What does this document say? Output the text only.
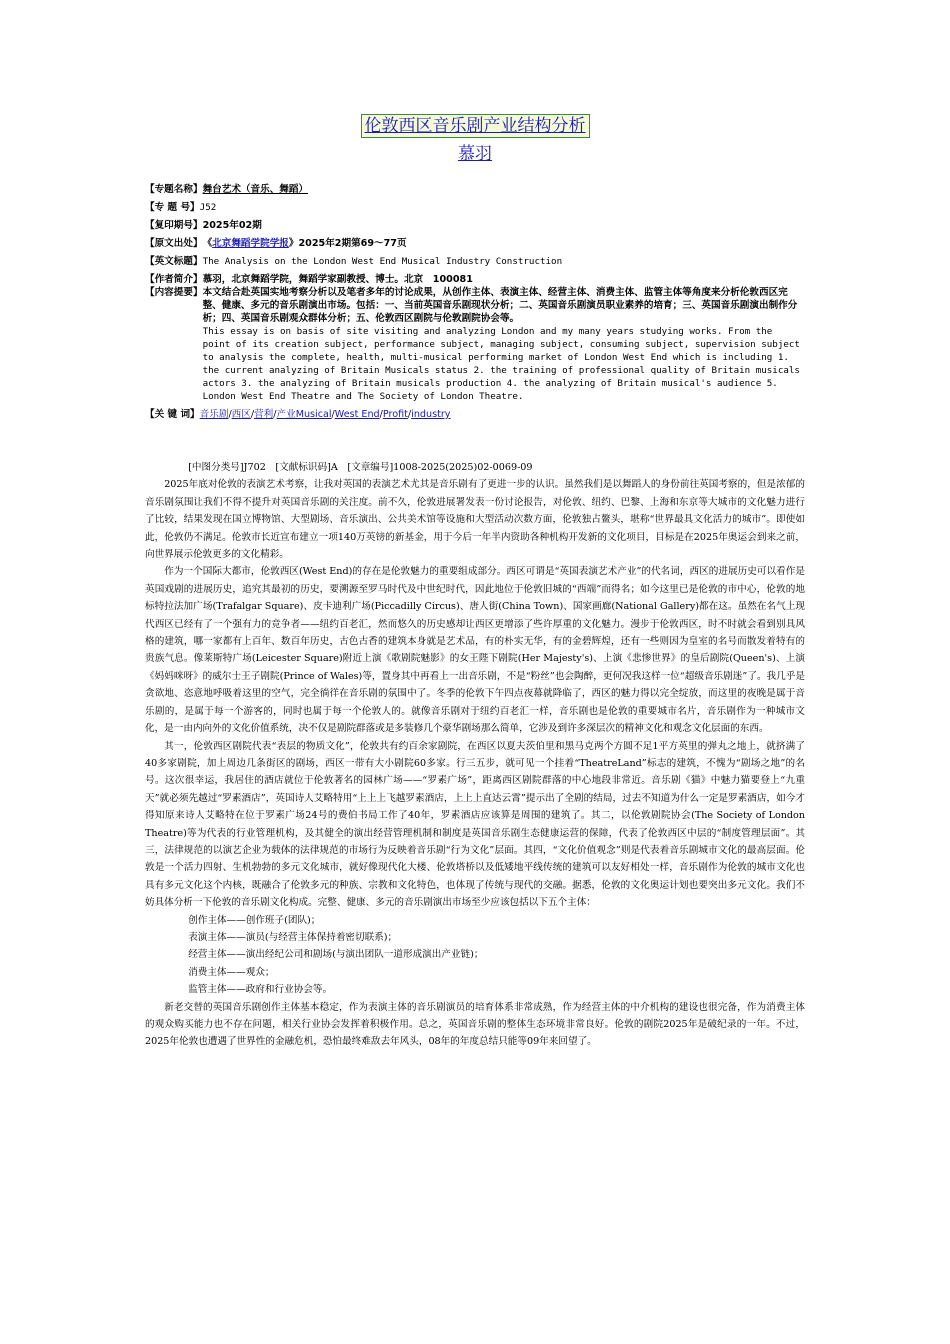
伦敦西区音乐剧产业结构分析
慕羽
【专题名称】 舞台艺术（音乐、舞蹈）
【专 题 号】 J52
【复印期号】 2025年02期
【原文出处】 《北京舞蹈学院学报》2025年2期第69～77页
【英文标题】 The Analysis on the London West End Musical Industry Construction
【作者简介】 慕羽，北京舞蹈学院，舞蹈学家副教授、博士。北京　100081
【内容提要】 本文结合赴英国实地考察分析以及笔者多年的讨论成果，从创作主体、表演主体、经营主体、消费主体、监管主体等角度来分析伦敦西区完整、健康、多元的音乐剧演出市场。包括：一、当前英国音乐剧现状分析；二、英国音乐剧演员职业素养的培育；三、英国音乐剧演出制作分析；四、英国音乐剧观众群体分析；五、伦敦西区剧院与伦敦剧院协会等。
This essay is on basis of site visiting and analyzing London and my many years studying works. From the point of its creation subject, performance subject, managing subject, consuming subject, supervision subject to analysis the complete, health, multi-musical performing market of London West End which is including 1. the current analyzing of Britain Musicals status 2. the training of professional quality of Britain musicals actors 3. the analyzing of Britain musicals production 4. the analyzing of Britain musical's audience 5. London West End Theatre and The Society of London Theatre.
【关 键 词】 音乐剧/西区/营利/产业Musical/West End/Profit/industry

[中图分类号]J702　[文献标识码]A　[文章编号]1008-2025(2025)02-0069-09

2025年底对伦敦的表演艺术考察，让我对英国的表演艺术尤其是音乐剧有了更进一步的认识。虽然我们是以舞蹈人的身份前往英国考察的，但是浓郁的音乐剧氛围让我们不得不提升对英国音乐剧的关注度。前不久，伦敦进展署发表一份讨论报告，对伦敦、纽约、巴黎、上海和东京等大城市的文化魅力进行了比较，结果发现在国立博物馆、大型剧场、音乐演出、公共美术馆等设施和大型活动次数方面，伦敦独占鳌头，堪称“世界最具文化活力的城市”。即使如此，伦敦仍不满足。伦敦市长近宣布建立一项140万英镑的新基金，用于今后一年半内资助各种机构开发新的文化项目，目标是在2025年奥运会到来之前，向世界展示伦敦更多的文化精彩。

作为一个国际大都市，伦敦西区(West End)的存在是伦敦魅力的重要组成部分。西区可谓是“英国表演艺术产业”的代名词，西区的进展历史可以看作是英国戏剧的进展历史，追究其最初的历史，要溯源至罗马时代及中世纪时代，因此地位于伦敦旧城的“西端”而得名；如今这里已是伦敦的市中心，伦敦的地标特拉法加广场(Trafalgar Square)、皮卡迪利广场(Piccadilly Circus)、唐人街(China Town)、国家画廊(National Gallery)都在这。虽然在名气上现代西区已经有了一个强有力的竞争者——纽约百老汇，然而悠久的历史感却让西区更增添了些许厚重的文化魅力。漫步于伦敦西区，时不时就会看到别具风格的建筑，哪一家都有上百年、数百年历史，古色古香的建筑本身就是艺术品，有的朴实无华，有的金碧辉煌，还有一些则因为皇室的名号而散发着特有的贵族气息。像莱斯特广场(Leicester Square)附近上演《歌剧院魅影》的女王陛下剧院(Her Majesty's)、上演《悲惨世界》的皇后剧院(Queen's)、上演《妈妈咪呀》的威尔士王子剧院(Prince of Wales)等，置身其中再看上一出音乐剧，不是“粉丝”也会陶醉，更何况我这样一位“超级音乐剧迷”了。我几乎是贪欲地、恣意地呼吸着这里的空气，完全徜徉在音乐剧的氛围中了。冬季的伦敦下午四点夜幕就降临了，西区的魅力得以完全绽放，而这里的夜晚是属于音乐剧的，是属于每一个游客的，同时也属于每一个伦敦人的。就像音乐剧对于纽约百老汇一样，音乐剧也是伦敦的重要城市名片，音乐剧作为一种城市文化，是一由内向外的文化价值系统，决不仅是剧院群落或是多装修几个豪华剧场那么简单，它涉及到许多深层次的精神文化和观念文化层面的东西。

其一，伦敦西区剧院代表“表层的物质文化”，伦敦共有约百余家剧院，在西区以夏夫茨伯里和黑马克两个方圆不足1平方英里的弹丸之地上，就挤满了40多家剧院，加上周边几条街区的剧场，西区一带有大小剧院60多家。行三五步，就可见一个挂着“TheatreLand”标志的建筑，不愧为“剧场之地”的名号。这次很幸运，我居住的酒店就位于伦敦著名的园林广场——“罗素广场”，距离西区剧院群落的中心地段非常近。音乐剧《猫》中魅力猫要登上“九重天”就必须先越过“罗素酒店”，英国诗人艾略特用“上上上飞越罗素酒店，上上上直达云霄”提示出了全剧的结局，过去不知道为什么一定是罗素酒店，如今才得知原来诗人艾略特在位于罗素广场24号的费伯书局工作了40年，罗素酒店应该算是周围的建筑了。其二，以伦敦剧院协会(The Society of London Theatre)等为代表的行业管理机构，及其健全的演出经营管理机制和制度是英国音乐剧生态健康运营的保障，代表了伦敦西区中层的“制度管理层面”。其三，法律规范的以演艺企业为载体的法律规范的市场行为反映着音乐剧“行为文化”层面。其四，“文化价值观念”则是代表着音乐剧城市文化的最高层面。伦敦是一个活力四射、生机勃勃的多元文化城市，就好像现代化大楼、伦敦塔桥以及低矮地平线传统的建筑可以友好相处一样，音乐剧作为伦敦的城市文化也具有多元文化这个内核，既融合了伦敦多元的种族、宗教和文化特色，也体现了传统与现代的交融。据悉，伦敦的文化奥运计划也要突出多元文化。我们不妨具体分析一下伦敦的音乐剧文化构成。完整、健康、多元的音乐剧演出市场至少应该包括以下五个主体：

创作主体——创作班子(团队)；

表演主体——演员(与经营主体保持着密切联系)；

经营主体——演出经纪公司和剧场(与演出团队一道形成演出产业链)；

消费主体——观众；

监管主体——政府和行业协会等。

新老交替的英国音乐剧创作主体基本稳定，作为表演主体的音乐剧演员的培育体系非常成熟，作为经营主体的中介机构的建设也很完备，作为消费主体的观众购买能力也不存在问题，相关行业协会发挥着积极作用。总之，英国音乐剧的整体生态环境非常良好。伦敦的剧院2025年是破纪录的一年。不过，2025年伦敦也遭遇了世界性的金融危机，恐怕最终难敌去年风头，08年的年度总结只能等09年来回望了。
